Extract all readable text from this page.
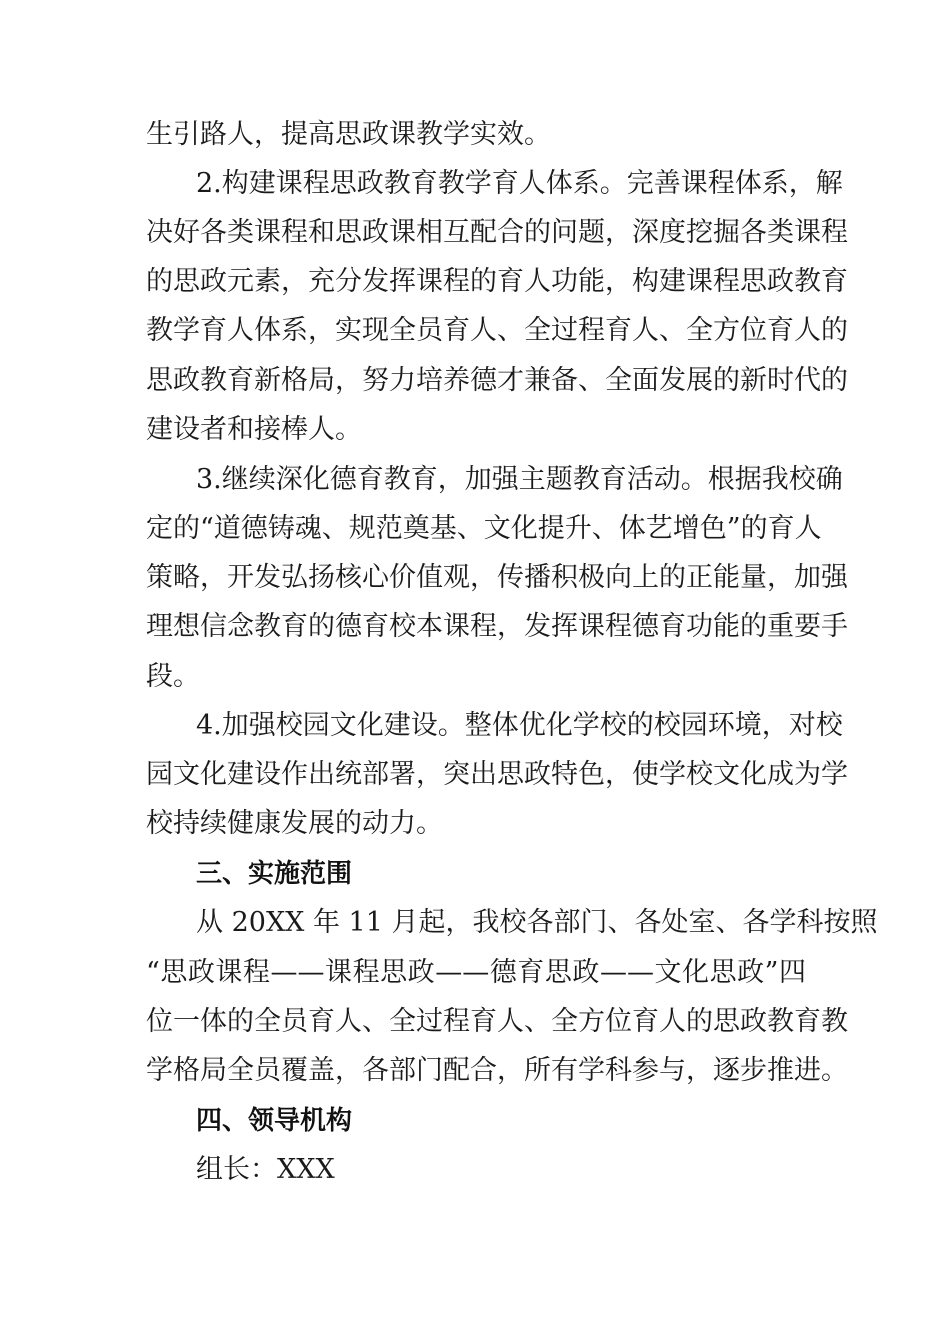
生引路人，提高思政课教学实效。
2.构建课程思政教育教学育人体系。完善课程体系，解
决好各类课程和思政课相互配合的问题，深度挖掘各类课程
的思政元素，充分发挥课程的育人功能，构建课程思政教育
教学育人体系，实现全员育人、全过程育人、全方位育人的
思政教育新格局，努力培养德才兼备、全面发展的新时代的
建设者和接棒人。
3.继续深化德育教育，加强主题教育活动。根据我校确
定的“道德铸魂、规范奠基、文化提升、体艺增色”的育人
策略，开发弘扬核心价值观，传播积极向上的正能量，加强
理想信念教育的德育校本课程，发挥课程德育功能的重要手
段。
4.加强校园文化建设。整体优化学校的校园环境，对校
园文化建设作出统部署，突出思政特色，使学校文化成为学
校持续健康发展的动力。
三、实施范围
从 20XX 年 11 月起，我校各部门、各处室、各学科按照
“思政课程——课程思政——德育思政——文化思政”四
位一体的全员育人、全过程育人、全方位育人的思政教育教
学格局全员覆盖，各部门配合，所有学科参与，逐步推进。
四、领导机构
组长：XXX
